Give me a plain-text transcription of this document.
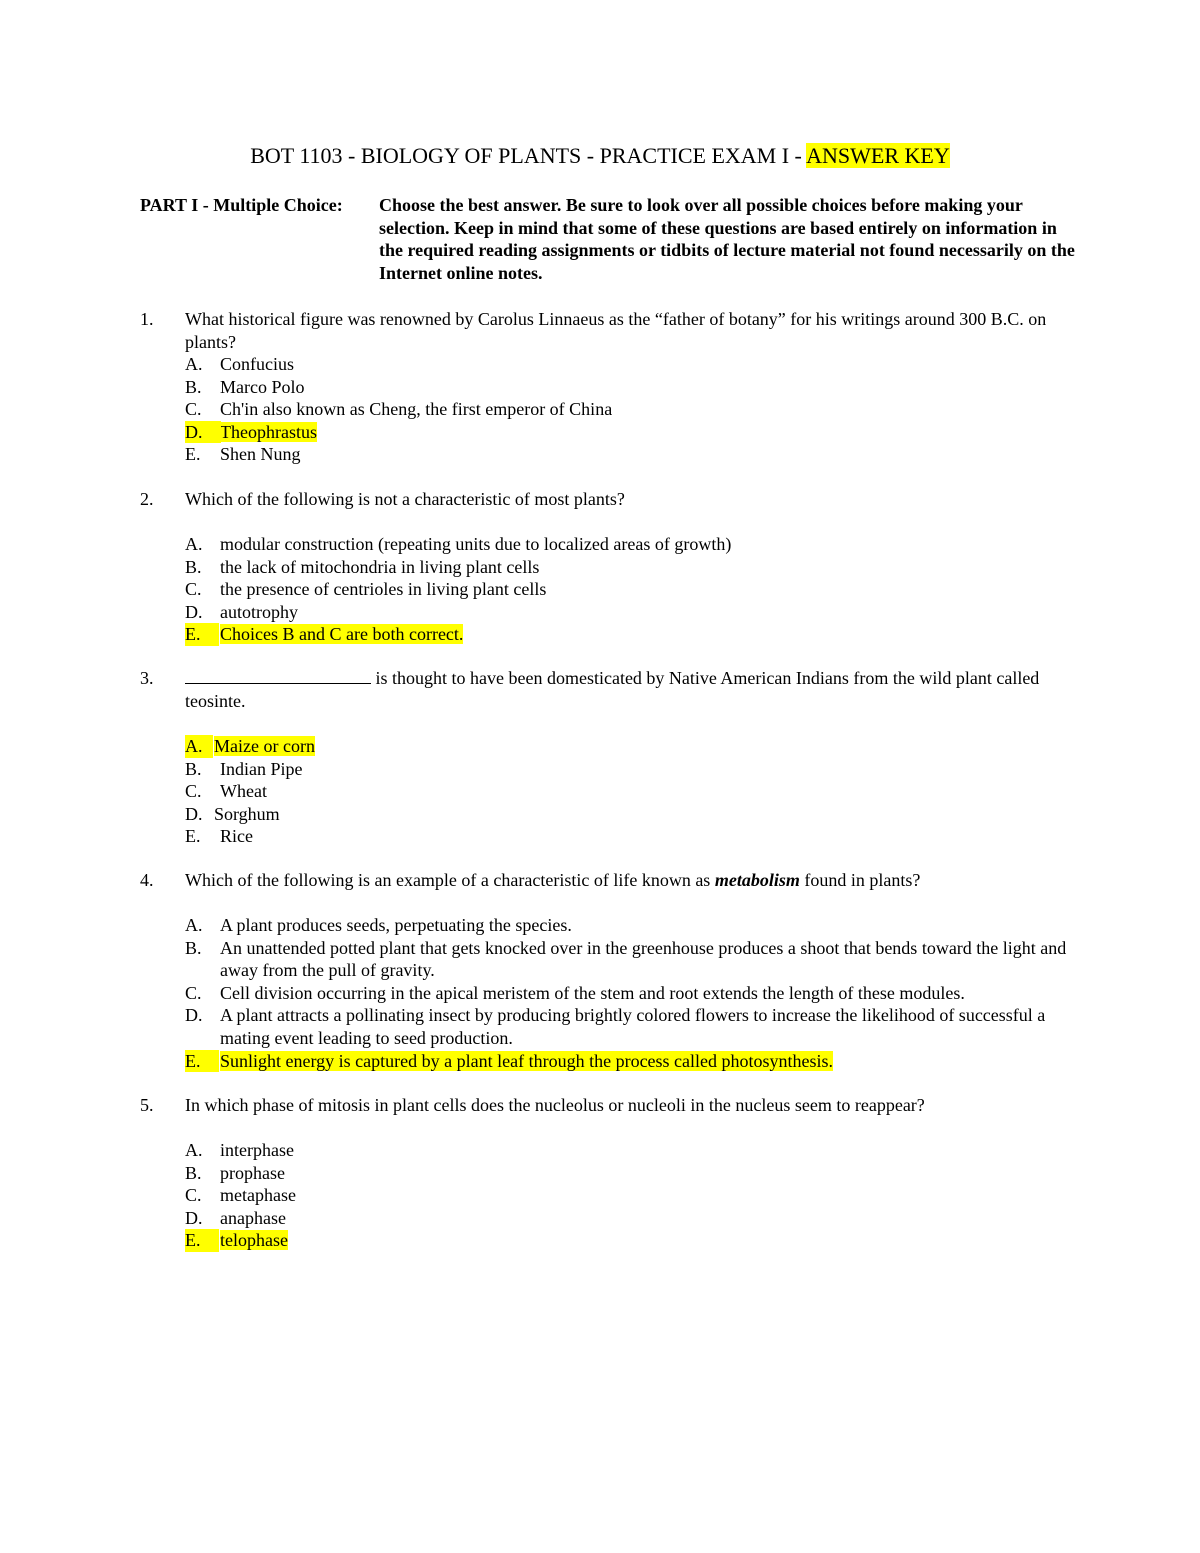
BOT 1103 - BIOLOGY OF PLANTS - PRACTICE EXAM I - ANSWER KEY
PART I - Multiple Choice: Choose the best answer. Be sure to look over all possible choices before making your selection. Keep in mind that some of these questions are based entirely on information in the required reading assignments or tidbits of lecture material not found necessarily on the Internet online notes.
1. What historical figure was renowned by Carolus Linnaeus as the “father of botany” for his writings around 300 B.C. on plants?
A. Confucius
B. Marco Polo
C. Ch'in also known as Cheng, the first emperor of China
D. Theophrastus
E. Shen Nung
2. Which of the following is not a characteristic of most plants?
A. modular construction (repeating units due to localized areas of growth)
B. the lack of mitochondria in living plant cells
C. the presence of centrioles in living plant cells
D. autotrophy
E.	Choices B and C are both correct.
3.	is thought to have been domesticated by Native American Indians from the wild plant called teosinte.
A. Maize or corn
B. Indian Pipe
C. Wheat
D. Sorghum
E. Rice
4. Which of the following is an example of a characteristic of life known as metabolism found in plants?
A. A plant produces seeds, perpetuating the species.
B. An unattended potted plant that gets knocked over in the greenhouse produces a shoot that bends toward the light and away from the pull of gravity.
C. Cell division occurring in the apical meristem of the stem and root extends the length of these modules.
D. A plant attracts a pollinating insect by producing brightly colored flowers to increase the likelihood of successful a mating event leading to seed production.
E.	Sunlight energy is captured by a plant leaf through the process called photosynthesis.
5. In which phase of mitosis in plant cells does the nucleolus or nucleoli in the nucleus seem to reappear?
A. interphase
B. prophase
C. metaphase
D. anaphase
E.	telophase
